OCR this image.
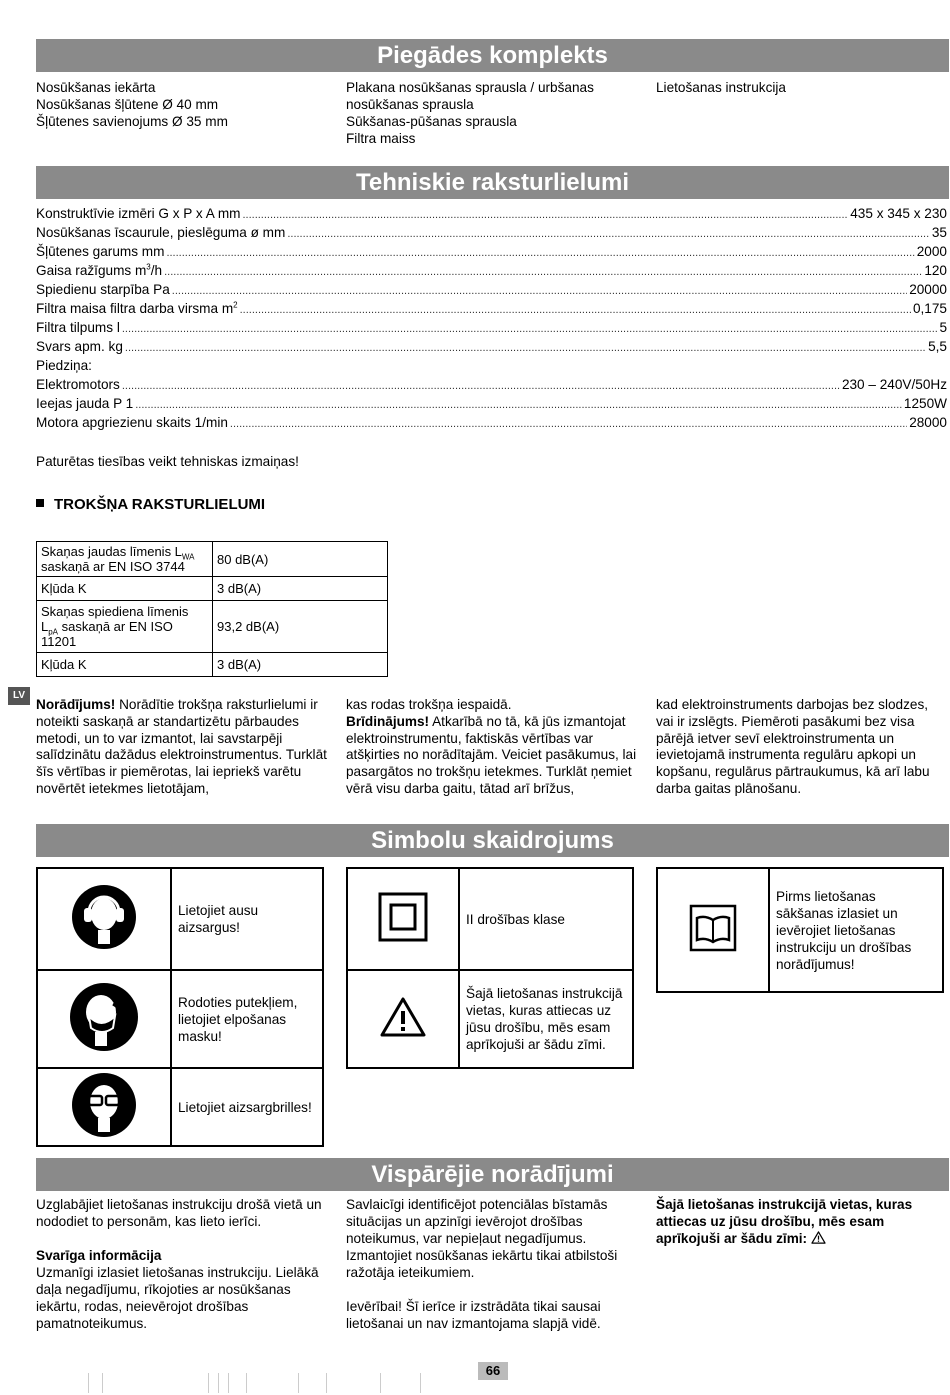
Piegādes komplekts
Nosūkšanas iekārta
Nosūkšanas šļūtene Ø 40 mm
Šļūtenes savienojums Ø 35 mm
Plakana nosūkšanas sprausla / urbšanas
nosūkšanas sprausla
Sūkšanas-pūšanas sprausla
Filtra maiss
Lietošanas instrukcija
Tehniskie raksturlielumi
Konstruktīvie izmēri G x P x A mm .....	435 x 345 x 230
Nosūkšanas īscaurule, pieslēguma ø mm .....	35
Šļūtenes garums mm .....	2000
Gaisa ražīgums $m^3/h$ .....	120
Spiedienu starpība Pa .....	20000
Filtra maisa filtra darba virsma $m^2$ .....	0,175
Filtra tilpums l .....	5
Svars apm. kg .....	5,5
Piedziņa:
Elektromotors .....	230 – 240V/50Hz
Ieejas jauda P 1 .....	1250W
Motora apgriezienu skaits 1/min .....	28000
Paturētas tiesības veikt tehniskas izmaiņas!
TROKŠŅA RAKSTURLIELUMI
Skaņas jaudas līmenis $L_{WA}$
saskaņā ar EN ISO 3744	80 dB(A)
Kļūda K	3 dB(A)
Skaņas spiediena līmenis
$L_{pA}$ saskaņā ar EN ISO 11201	93,2 dB(A)
Kļūda K	3 dB(A)
LV
Norādījums! Norādītie trokšņa raksturlielumi ir noteikti saskaņā ar standartizētu pārbaudes metodi, un to var izmantot, lai savstarpēji salīdzinātu dažādus elektroinstrumentus. Turklāt šīs vērtības ir piemērotas, lai iepriekš varētu novērtēt ietekmes lietotājam,
kas rodas trokšņa iespaidā.
Brīdinājums! Atkarībā no tā, kā jūs izmantojat elektroinstrumentu, faktiskās vērtības var atšķirties no norādītajām. Veiciet pasākumus, lai pasargātos no trokšņu ietekmes. Turklāt ņemiet vērā visu darba gaitu, tātad arī brīžus,
kad elektroinstruments darbojas bez slodzes, vai ir izslēgts. Piemēroti pasākumi bez visa pārējā ietver sevī elektroinstrumenta un ievietojamā instrumenta regulāru apkopi un kopšanu, regulārus pārtraukumus, kā arī labu darba gaitas plānošanu.
Simbolu skaidrojums
	Lietojiet ausu aizsargus!
	Rodoties putekļiem, lietojiet elpošanas masku!
	Lietojiet aizsargbrilles!
	II drošības klase
	Šajā lietošanas instrukcijā vietas, kuras attiecas uz jūsu drošību, mēs esam aprīkojuši ar šādu zīmi.
	Pirms lietošanas sākšanas izlasiet un ievērojiet lietošanas instrukciju un drošības norādījumus!
Vispārējie norādījumi

Uzglabājiet lietošanas instrukciju drošā vietā un nododiet to personām, kas lieto ierīci.

Svarīga informācija

Uzmanīgi izlasiet lietošanas instrukciju. Lielākā daļa negadījumu, rīkojoties ar nosūkšanas iekārtu, rodas, neievērojot drošības pamatnoteikumus.

Savlaicīgi identificējot potenciālas bīstamās situācijas un apzinīgi ievērojot drošības noteikumus, var nepieļaut negadījumus. Izmantojiet nosūkšanas iekārtu tikai atbilstoši ražotāja ieteikumiem.

Ievērībai! Šī ierīce ir izstrādāta tikai sausai lietošanai un nav izmantojama slapjā vidē.

Šajā lietošanas instrukcijā vietas, kuras attiecas uz jūsu drošību, mēs esam aprīkojuši ar šādu zīmi:
66
